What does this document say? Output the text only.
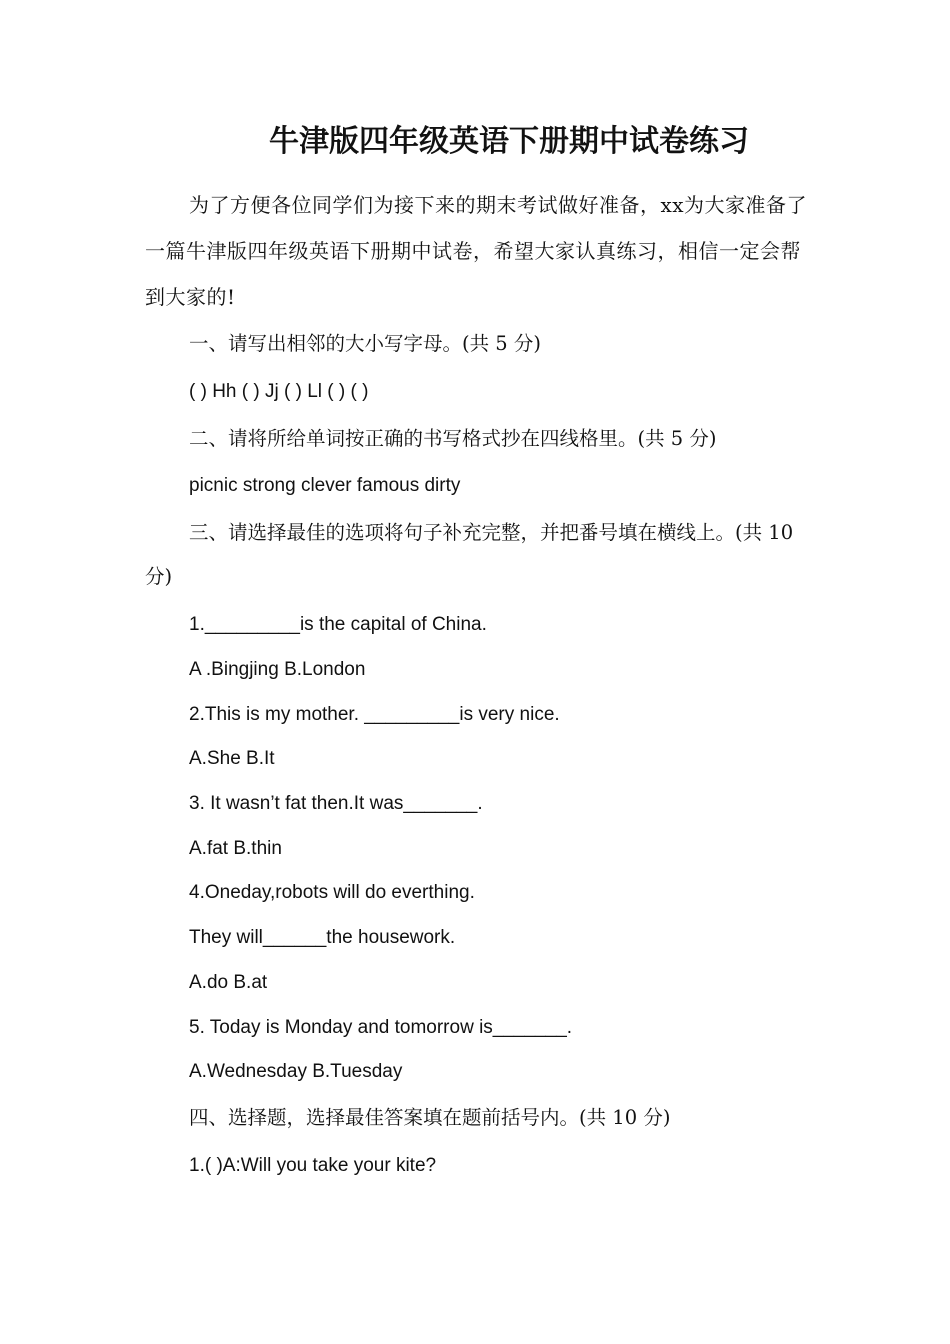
牛津版四年级英语下册期中试卷练习
为了方便各位同学们为接下来的期末考试做好准备，xx为大家准备了一篇牛津版四年级英语下册期中试卷，希望大家认真练习，相信一定会帮到大家的!
一、请写出相邻的大小写字母。(共 5 分)
( ) Hh ( ) Jj ( ) Ll ( ) ( )
二、请将所给单词按正确的书写格式抄在四线格里。(共 5 分)
picnic strong clever famous dirty
三、请选择最佳的选项将句子补充完整，并把番号填在横线上。(共 10 分)
1._________is the capital of China.
A .Bingjing B.London
2.This is my mother. _________is very nice.
A.She B.It
3. It wasn’t fat then.It was_______.
A.fat B.thin
4.Oneday,robots will do everthing.
They will______the housework.
A.do B.at
5. Today is Monday and tomorrow is_______.
A.Wednesday B.Tuesday
四、选择题，选择最佳答案填在题前括号内。(共 10 分)
1.( )A:Will you take your kite?
